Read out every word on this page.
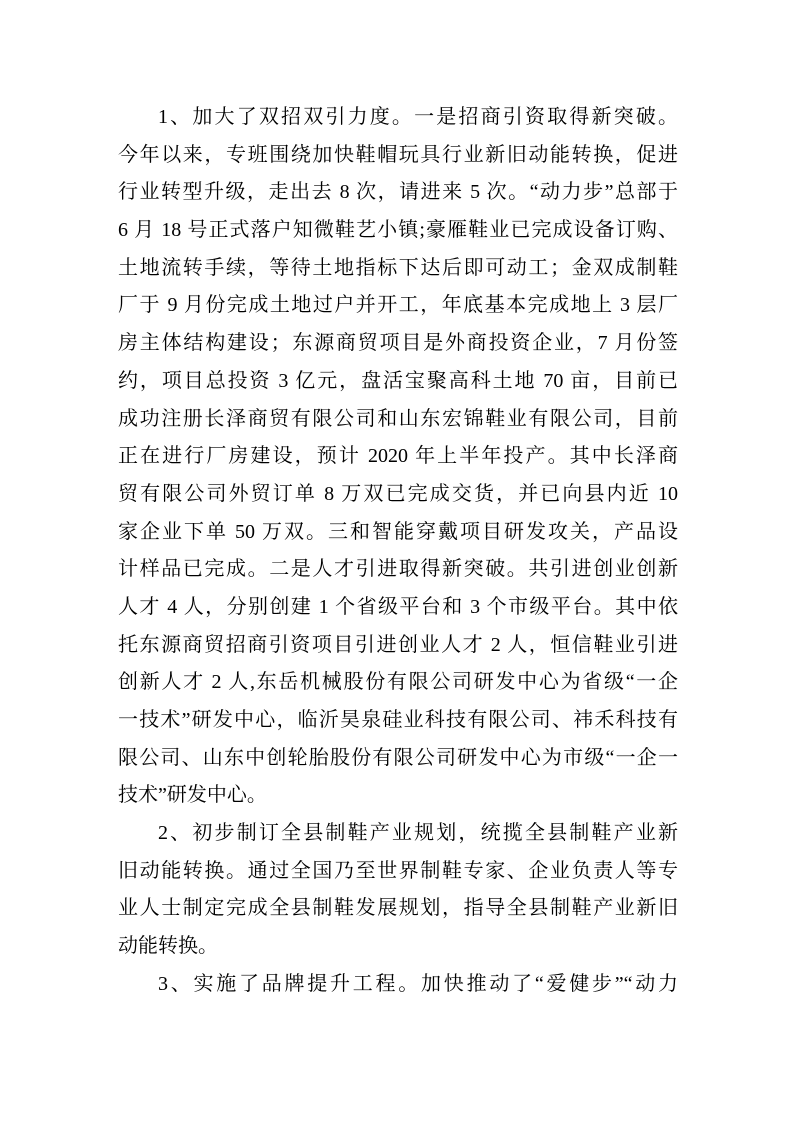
1、加大了双招双引力度。一是招商引资取得新突破。
今年以来，专班围绕加快鞋帽玩具行业新旧动能转换，促进
行业转型升级，走出去 8 次，请进来 5 次。“动力步”总部于
6 月 18 号正式落户知微鞋艺小镇;豪雁鞋业已完成设备订购、
土地流转手续，等待土地指标下达后即可动工；金双成制鞋
厂于 9 月份完成土地过户并开工，年底基本完成地上 3 层厂
房主体结构建设；东源商贸项目是外商投资企业，7 月份签
约，项目总投资 3 亿元，盘活宝聚高科土地 70 亩，目前已
成功注册长泽商贸有限公司和山东宏锦鞋业有限公司，目前
正在进行厂房建设，预计 2020 年上半年投产。其中长泽商
贸有限公司外贸订单 8 万双已完成交货，并已向县内近 10
家企业下单 50 万双。三和智能穿戴项目研发攻关，产品设
计样品已完成。二是人才引进取得新突破。共引进创业创新
人才 4 人，分别创建 1 个省级平台和 3 个市级平台。其中依
托东源商贸招商引资项目引进创业人才 2 人，恒信鞋业引进
创新人才 2 人,东岳机械股份有限公司研发中心为省级“一企
一技术”研发中心，临沂昊泉硅业科技有限公司、祎禾科技有
限公司、山东中创轮胎股份有限公司研发中心为市级“一企一
技术”研发中心。
2、初步制订全县制鞋产业规划，统揽全县制鞋产业新
旧动能转换。通过全国乃至世界制鞋专家、企业负责人等专
业人士制定完成全县制鞋发展规划，指导全县制鞋产业新旧
动能转换。
3、实施了品牌提升工程。加快推动了“爱健步”“动力
